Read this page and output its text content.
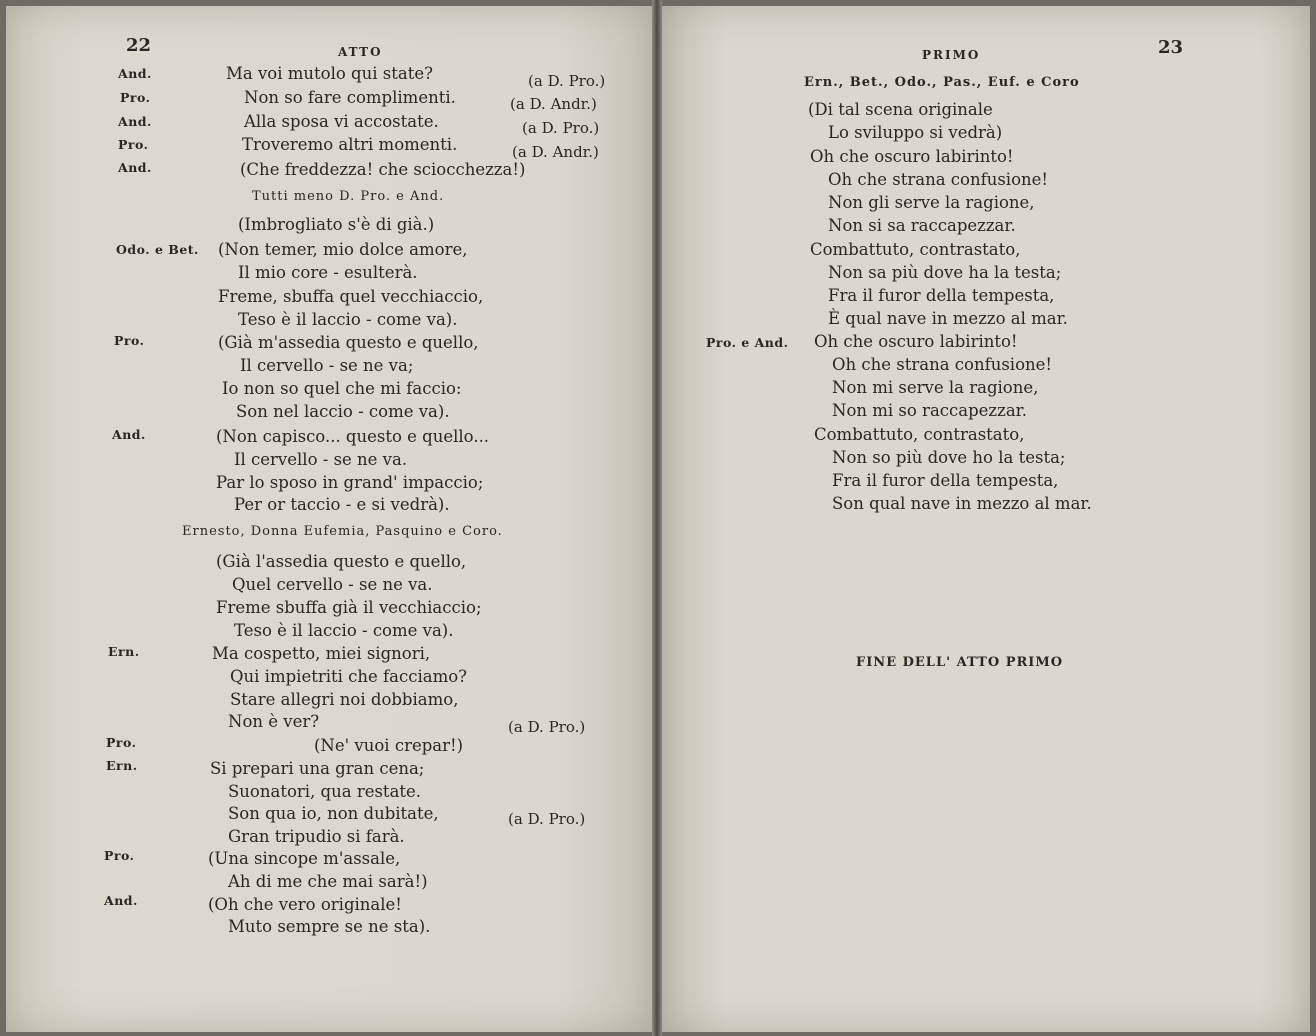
22	ATTO
And.	Ma voi mutolo qui state?	(a D. Pro.)
Pro.	Non so fare complimenti.	(a D. Andr.)
And.	Alla sposa vi accostate.	(a D. Pro.)
Pro.	Troveremo altri momenti.	(a D. Andr.)
And.	(Che freddezza! che sciocchezza!)
Tutti meno D. Pro. e And.
(Imbrogliato s'è di già.)
Odo. e Bet. (Non temer, mio dolce amore,
Il mio core - esulterà.
Freme, sbuffa quel vecchiaccio,
Teso è il laccio - come va).
Pro.	(Già m'assedia questo e quello,
Il cervello - se ne va;
Io non so quel che mi faccio:
Son nel laccio - come va).
And.	(Non capisco... questo e quello...
Il cervello - se ne va.
Par lo sposo in grand' impaccio;
Per or taccio - e si vedrà).
Ernesto, Donna Eufemia, Pasquino e Coro.
(Già l'assedia questo e quello,
Quel cervello - se ne va.
Freme sbuffa già il vecchiaccio;
Teso è il laccio - come va).
Ern.	Ma cospetto, miei signori,
Qui impietriti che facciamo?
Stare allegri noi dobbiamo,
Non è ver?	(a D. Pro.)
Pro.	(Ne' vuoi crepar!)
Ern.	Si prepari una gran cena;
Suonatori, qua restate.
Son qua io, non dubitate,	(a D. Pro.)
Gran tripudio si farà.
Pro.	(Una sincope m'assale,
Ah di me che mai sarà!)
And.	(Oh che vero originale!
Muto sempre se ne sta).
PRIMO	23
Ern., Bet., Odo., Pas., Euf. e Coro
(Di tal scena originale
Lo sviluppo si vedrà)
Oh che oscuro labirinto!
Oh che strana confusione!
Non gli serve la ragione,
Non si sa raccapezzar.
Combattuto, contrastato,
Non sa più dove ha la testa;
Fra il furor della tempesta,
È qual nave in mezzo al mar.
Pro. e And. Oh che oscuro labirinto!
Oh che strana confusione!
Non mi serve la ragione,
Non mi so raccapezzar.
Combattuto, contrastato,
Non so più dove ho la testa;
Fra il furor della tempesta,
Son qual nave in mezzo al mar.
FINE DELL' ATTO PRIMO
